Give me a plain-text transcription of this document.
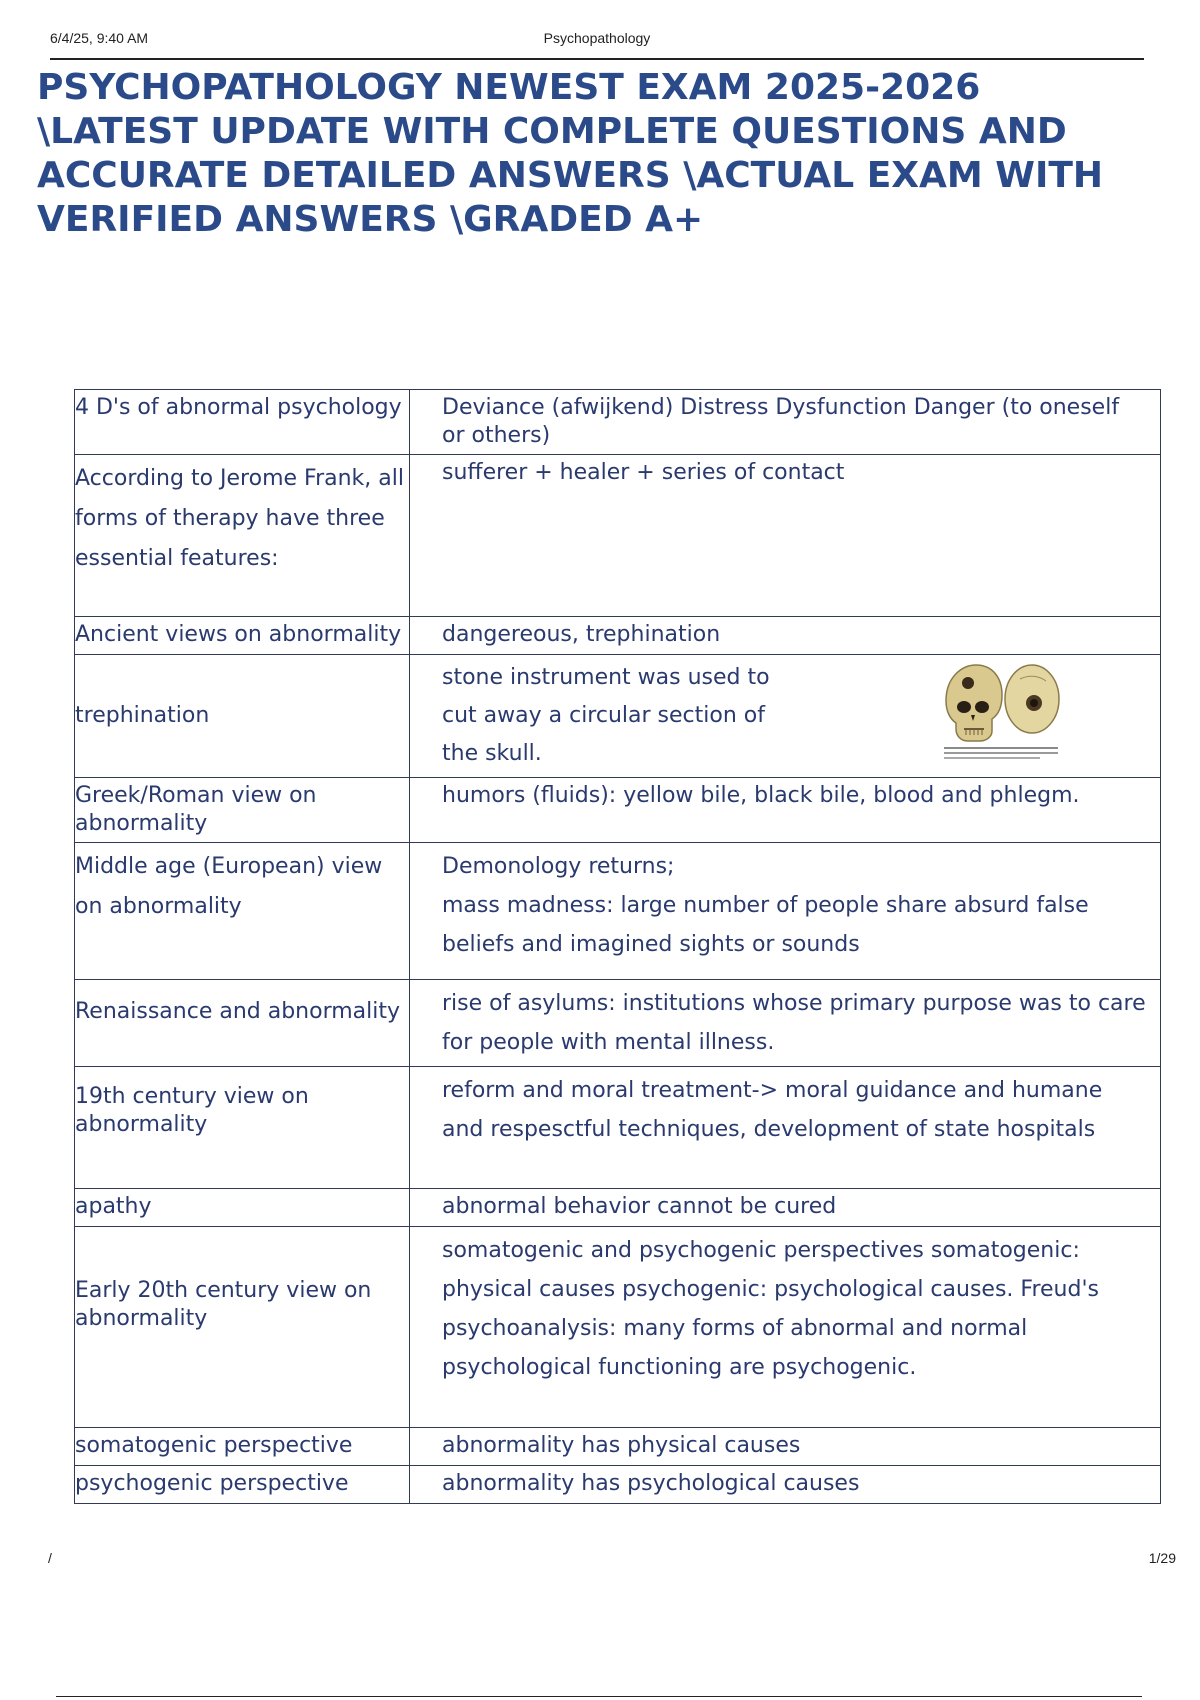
6/4/25, 9:40 AM	Psychopathology
PSYCHOPATHOLOGY NEWEST EXAM 2025-2026 \LATEST UPDATE WITH COMPLETE QUESTIONS AND ACCURATE DETAILED ANSWERS \ACTUAL EXAM WITH VERIFIED ANSWERS \GRADED A+
4 D's of abnormal psychology	Deviance (afwijkend) Distress Dysfunction Danger (to oneself or others)
According to Jerome Frank, all forms of therapy have three essential features:	sufferer + healer + series of contact
Ancient views on abnormality	dangereous, trephination
trephination	stone instrument was used to cut away a circular section of the skull.

Greek/Roman view on abnormality	humors (fluids): yellow bile, black bile, blood and phlegm.
Middle age (European) view on abnormality	Demonology returns;
mass madness: large number of people share absurd false beliefs and imagined sights or sounds

Renaissance and abnormality	rise of asylums: institutions whose primary purpose was to care for people with mental illness.
19th century view on abnormality	reform and moral treatment-> moral guidance and humane and respesctful techniques, development of state hospitals
apathy	abnormal behavior cannot be cured
Early 20th century view on abnormality	somatogenic and psychogenic perspectives somatogenic: physical causes psychogenic: psychological causes. Freud's psychoanalysis: many forms of abnormal and normal psychological functioning are psychogenic.
somatogenic perspective	abnormality has physical causes
psychogenic perspective	abnormality has psychological causes
/	1/29
